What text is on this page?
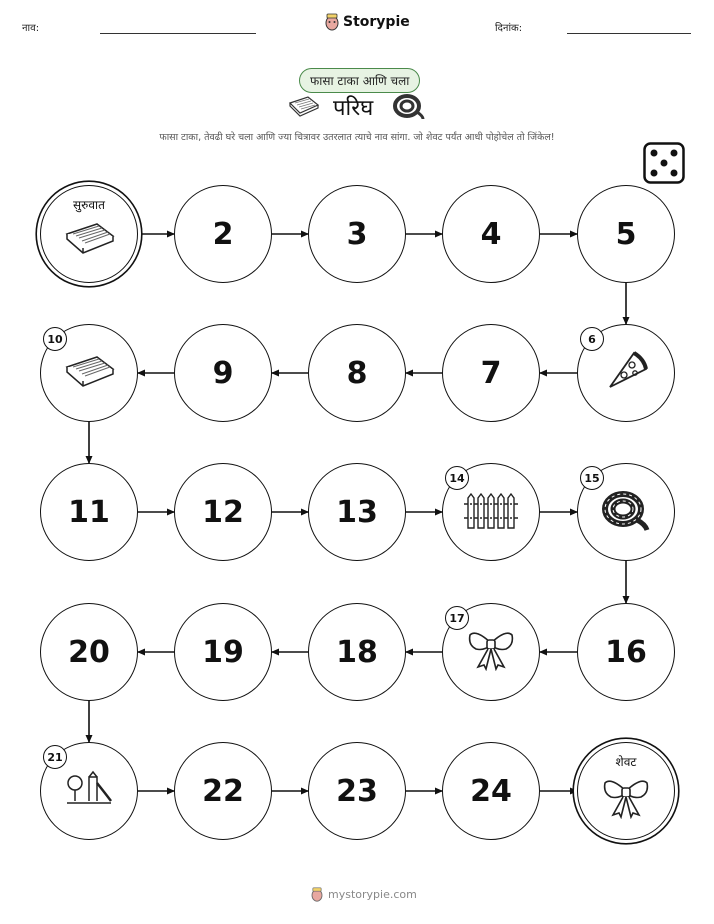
नाव:	Storypie	दिनांक:
फासा टाका आणि चला
परिघ
फासा टाका, तेवढी घरे चला आणि ज्या चित्रावर उतरलात त्याचे नाव सांगा. जो शेवट पर्यंत आधी पोहोचेल तो जिंकेल!
सुरुवात
2	3	4	5
6
7
8
9
10
11	12	13
14	15
16
17
18
19
20
21
22	23	24
शेवट
mystorypie.com
